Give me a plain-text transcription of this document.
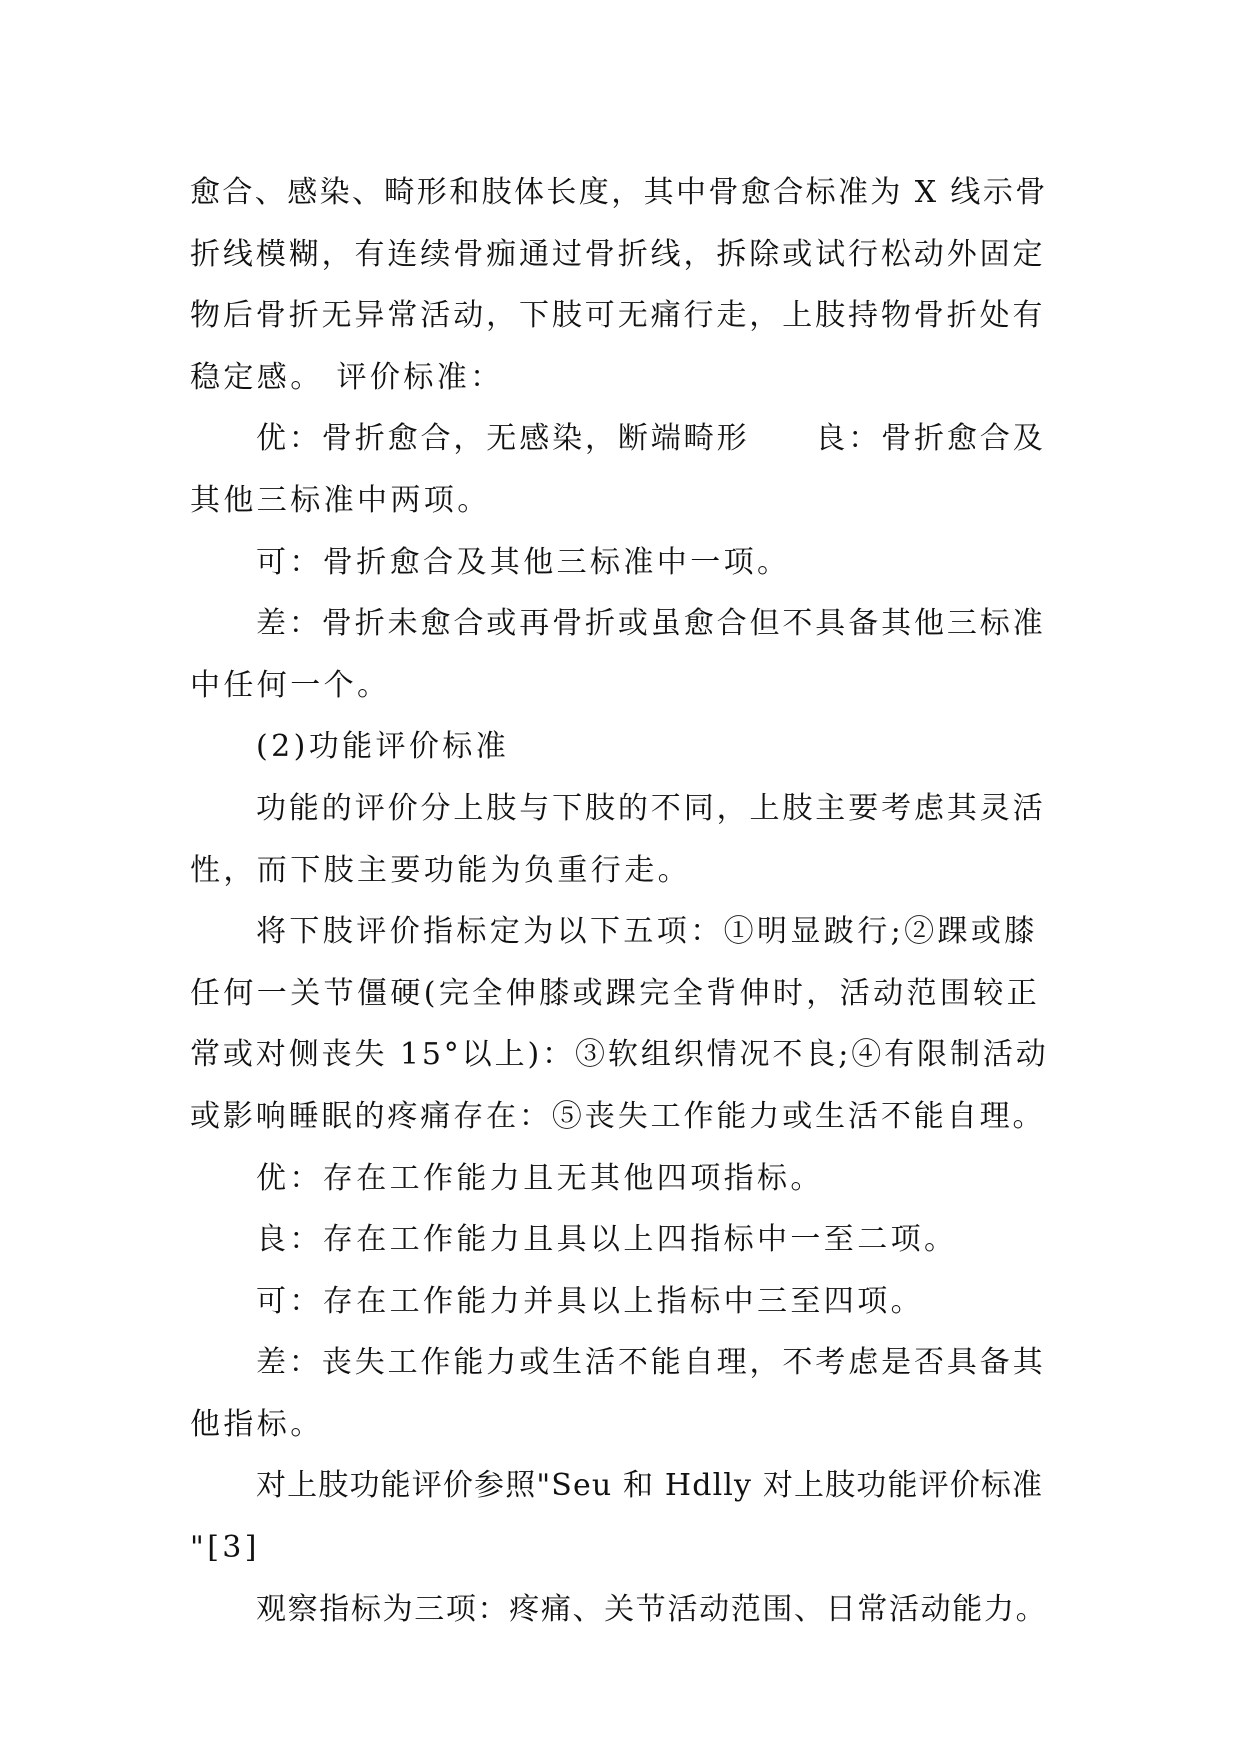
愈合、感染、畸形和肢体长度，其中骨愈合标准为 X 线示骨
折线模糊，有连续骨痂通过骨折线，拆除或试行松动外固定
物后骨折无异常活动，下肢可无痛行走，上肢持物骨折处有
稳定感。 评价标准：
优：骨折愈合，无感染，断端畸形　　良：骨折愈合及
其他三标准中两项。
可：骨折愈合及其他三标准中一项。
差：骨折未愈合或再骨折或虽愈合但不具备其他三标准
中任何一个。
(2)功能评价标准
功能的评价分上肢与下肢的不同，上肢主要考虑其灵活
性，而下肢主要功能为负重行走。
将下肢评价指标定为以下五项：①明显跛行;②踝或膝
任何一关节僵硬(完全伸膝或踝完全背伸时，活动范围较正
常或对侧丧失 15°以上)：③软组织情况不良;④有限制活动
或影响睡眠的疼痛存在：⑤丧失工作能力或生活不能自理。
优：存在工作能力且无其他四项指标。
良：存在工作能力且具以上四指标中一至二项。
可：存在工作能力并具以上指标中三至四项。
差：丧失工作能力或生活不能自理，不考虑是否具备其
他指标。
对上肢功能评价参照"Seu 和 Hdlly 对上肢功能评价标准
"[3]
观察指标为三项：疼痛、关节活动范围、日常活动能力。
